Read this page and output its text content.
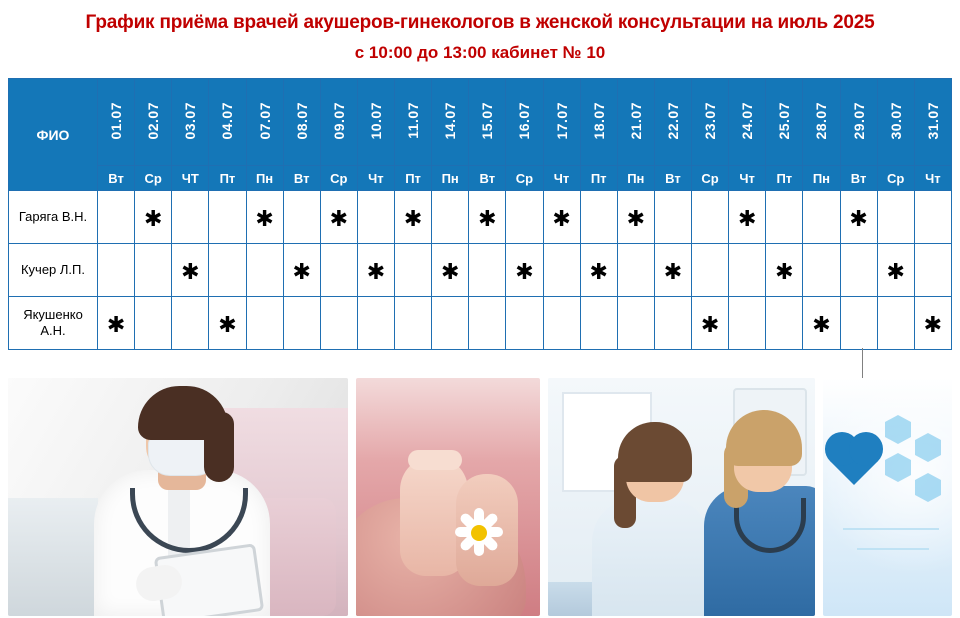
График приёма врачей акушеров-гинекологов в женской консультации на июль 2025
с 10:00 до 13:00 кабинет № 10
ФИО	01.07	02.07	03.07	04.07	07.07	08.07	09.07	10.07	11.07	14.07	15.07	16.07	17.07	18.07	21.07	22.07	23.07	24.07	25.07	28.07	29.07	30.07	31.07
	Вт	Ср	ЧТ	Пт	Пн	Вт	Ср	Чт	Пт	Пн	Вт	Ср	Чт	Пт	Пн	Вт	Ср	Чт	Пт	Пн	Вт	Ср	Чт
Гаряга В.Н.		✱			✱		✱		✱		✱		✱		✱			✱			✱		
Кучер Л.П.			✱			✱		✱		✱		✱		✱		✱			✱			✱	
Якушенко А.Н.	✱			✱													✱			✱			✱
